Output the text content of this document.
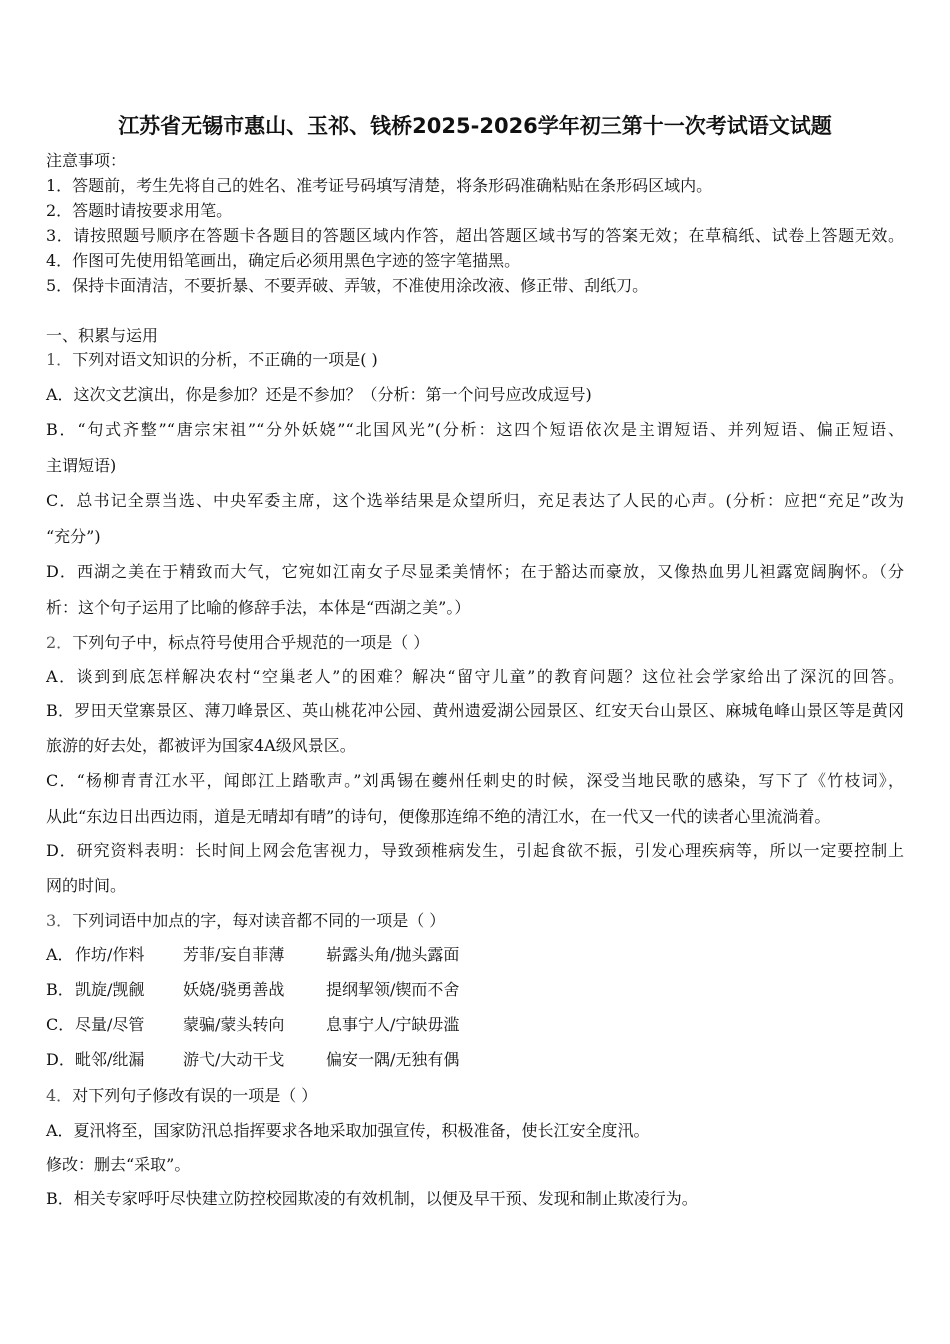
江苏省无锡市惠山、玉祁、钱桥2025-2026学年初三第十一次考试语文试题
注意事项：
1．答题前，考生先将自己的姓名、准考证号码填写清楚，将条形码准确粘贴在条形码区域内。
2．答题时请按要求用笔。
3．请按照题号顺序在答题卡各题目的答题区域内作答，超出答题区域书写的答案无效；在草稿纸、试卷上答题无效。
4．作图可先使用铅笔画出，确定后必须用黑色字迹的签字笔描黑。
5．保持卡面清洁，不要折暴、不要弄破、弄皱，不准使用涂改液、修正带、刮纸刀。
一、积累与运用
1．下列对语文知识的分析，不正确的一项是( )
A．这次文艺演出，你是参加？还是不参加？（分析：第一个问号应改成逗号)
B．“句式齐整”“唐宗宋祖”“分外妖娆”“北国风光”(分析：这四个短语依次是主谓短语、并列短语、偏正短语、
主谓短语)
C．总书记全票当选、中央军委主席，这个选举结果是众望所归，充足表达了人民的心声。(分析：应把“充足”改为
“充分”)
D．西湖之美在于精致而大气，它宛如江南女子尽显柔美情怀；在于豁达而豪放，又像热血男儿袒露宽阔胸怀。（分
析：这个句子运用了比喻的修辞手法，本体是“西湖之美”。）
2．下列句子中，标点符号使用合乎规范的一项是（ ）
A．谈到到底怎样解决农村“空巢老人”的困难？解决“留守儿童”的教育问题？这位社会学家给出了深沉的回答。
B．罗田天堂寨景区、薄刀峰景区、英山桃花冲公园、黄州遗爱湖公园景区、红安天台山景区、麻城龟峰山景区等是黄冈
旅游的好去处，都被评为国家4A级风景区。
C．“杨柳青青江水平，闻郎江上踏歌声。”刘禹锡在夔州任刺史的时候，深受当地民歌的感染，写下了《竹枝词》，
从此“东边日出西边雨，道是无晴却有晴”的诗句，便像那连绵不绝的清江水，在一代又一代的读者心里流淌着。
D．研究资料表明：长时间上网会危害视力，导致颈椎病发生，引起食欲不振，引发心理疾病等，所以一定要控制上
网的时间。
3．下列词语中加点的字，每对读音都不同的一项是（ ）
A． 作坊/作料 芳菲/妄自菲薄	崭露头角/抛头露面
B． 凯旋/觊觎 妖娆/骁勇善战	提纲挈领/锲而不舍
C． 尽量/尽管 蒙骗/蒙头转向	息事宁人/宁缺毋滥
D． 毗邻/纰漏 游弋/大动干戈	偏安一隅/无独有偶
4．对下列句子修改有误的一项是（ ）
A．夏汛将至，国家防汛总指挥要求各地采取加强宣传，积极准备，使长江安全度汛。
修改：删去“采取”。
B．相关专家呼吁尽快建立防控校园欺凌的有效机制，以便及早干预、发现和制止欺凌行为。
